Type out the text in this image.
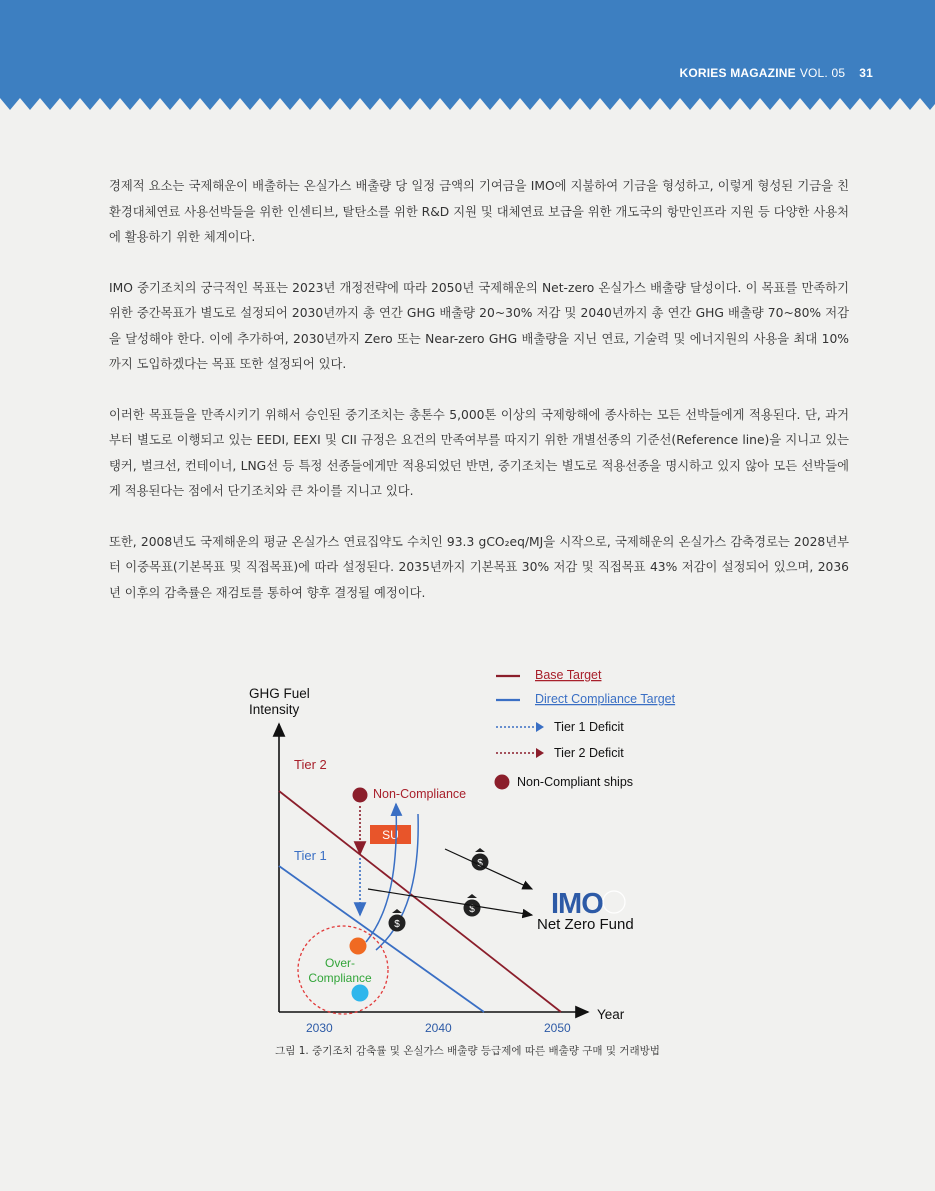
KORIES MAGAZINE VOL. 05 31

경제적 요소는 국제해운이 배출하는 온실가스 배출량 당 일정 금액의 기여금을 IMO에 지불하여 기금을 형성하고, 이렇게 형성된 기금을 친환경대체연료 사용선박들을 위한 인센티브, 탈탄소를 위한 R&D 지원 및 대체연료 보급을 위한 개도국의 항만인프라 지원 등 다양한 사용처에 활용하기 위한 체계이다.

IMO 중기조치의 궁극적인 목표는 2023년 개정전략에 따라 2050년 국제해운의 Net-zero 온실가스 배출량 달성이다. 이 목표를 만족하기 위한 중간목표가 별도로 설정되어 2030년까지 총 연간 GHG 배출량 20~30% 저감 및 2040년까지 총 연간 GHG 배출량 70~80% 저감을 달성해야 한다. 이에 추가하여, 2030년까지 Zero 또는 Near-zero GHG 배출량을 지닌 연료, 기술력 및 에너지원의 사용을 최대 10%까지 도입하겠다는 목표 또한 설정되어 있다.

이러한 목표들을 만족시키기 위해서 승인된 중기조치는 총톤수 5,000톤 이상의 국제항해에 종사하는 모든 선박들에게 적용된다. 단, 과거부터 별도로 이행되고 있는 EEDI, EEXI 및 CII 규정은 요건의 만족여부를 따지기 위한 개별선종의 기준선(Reference line)을 지니고 있는 탱커, 벌크선, 컨테이너, LNG선 등 특정 선종들에게만 적용되었던 반면, 중기조치는 별도로 적용선종을 명시하고 있지 않아 모든 선박들에게 적용된다는 점에서 단기조치와 큰 차이를 지니고 있다.

또한, 2008년도 국제해운의 평균 온실가스 연료집약도 수치인 93.3 gCO₂eq/MJ을 시작으로, 국제해운의 온실가스 감축경로는 2028년부터 이중목표(기본목표 및 직접목표)에 따라 설정된다. 2035년까지 기본목표 30% 저감 및 직접목표 43% 저감이 설정되어 있으며, 2036년 이후의 감축률은 재검토를 통하여 향후 결정될 예정이다.

GHG Fuel
Intensity
Year
2030	2040	2050
Tier 2
Tier 1
Non-Compliance
SU
Over-
Compliance
$
$
$
IMO
Net Zero Fund
Base Target
Direct Compliance Target
Tier 1 Deficit
Tier 2 Deficit
Non-Compliant ships
그림 1. 중기조치 감축률 및 온실가스 배출량 등급제에 따른 배출량 구매 및 거래방법
